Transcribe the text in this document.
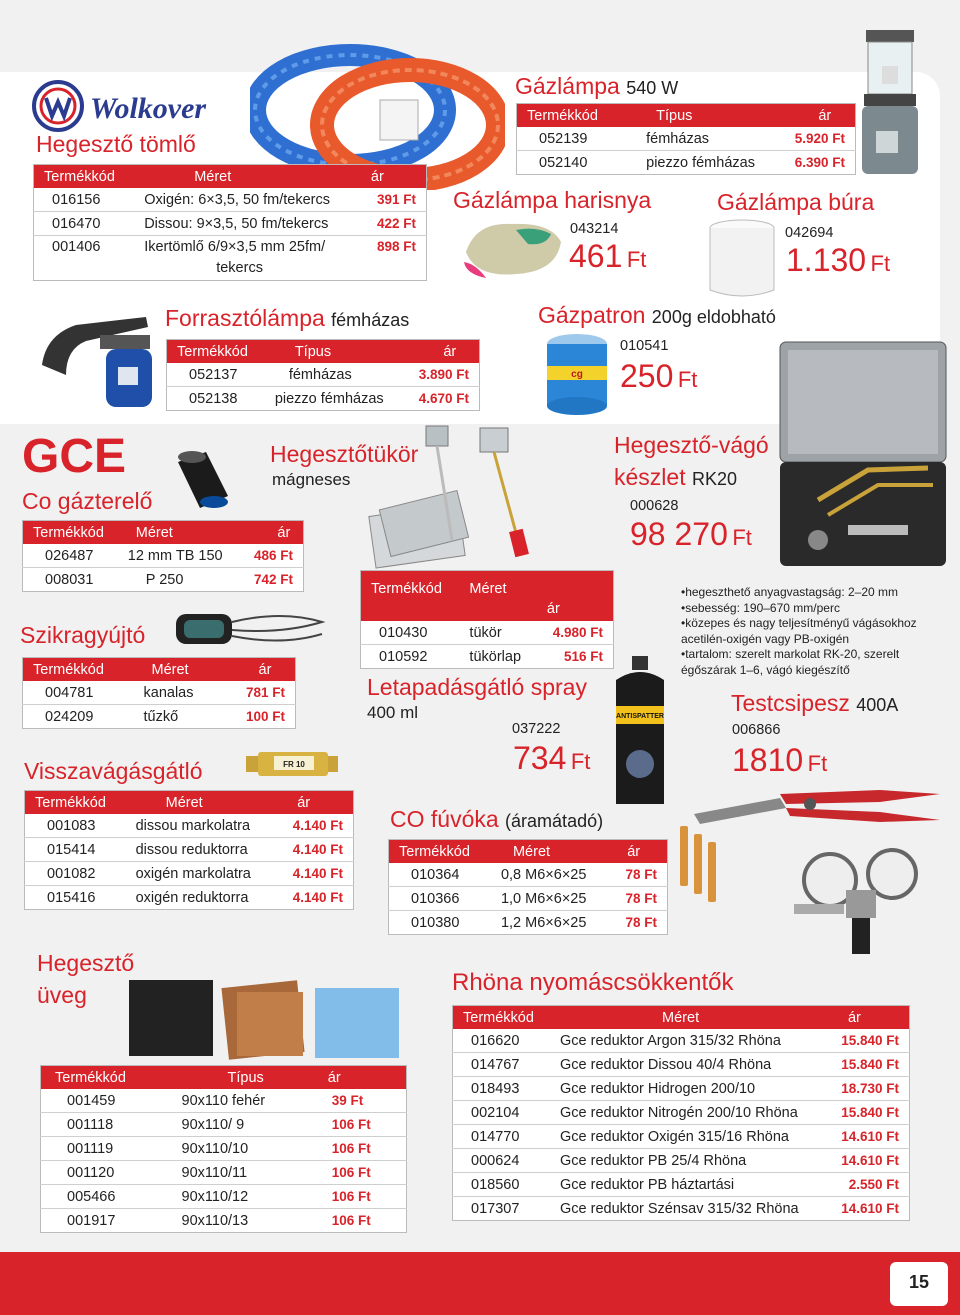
Wolkover
Hegesztő tömlő
Termékkód	Méret	ár
016156	Oxigén: 6×3,5, 50 fm/tekercs	391 Ft
016470	Dissou: 9×3,5, 50 fm/tekercs	422 Ft
001406	Ikertömlő 6/9×3,5 mm 25fm/
tekercs	898 Ft
Gázlámpa 540 W
Termékkód	Típus	ár
052139	fémházas	5.920 Ft
052140	piezzo fémházas	6.390 Ft
Gázlámpa harisnya
043214
461 Ft
Gázlámpa búra
042694
1.130 Ft
Forrasztólámpa fémházas
Termékkód	Típus	ár
052137	fémházas	3.890 Ft
052138	piezzo fémházas	4.670 Ft
Gázpatron 200g eldobható
cg
010541
250 Ft
GCE
Co gázterelő
Termékkód	Méret	ár
026487	12 mm TB 150	486 Ft
008031	P 250	742 Ft
Hegesztőtükör
mágneses
Termékkód	Méret	ár
010430	tükör	4.980 Ft
010592	tükörlap	516 Ft
Hegesztő-vágó
készlet RK20
000628
98 270 Ft
•hegeszthető anyagvastagság: 2–20 mm
•sebesség: 190–670 mm/perc
•közepes és nagy teljesítményű vágásokhoz
acetilén-oxigén vagy PB-oxigén
•tartalom: szerelt markolat RK-20, szerelt
égőszárak 1–6, vágó kiegészítő
Szikragyújtó
Termékkód	Méret	ár
004781	kanalas	781 Ft
024209	tűzkő	100 Ft
Letapadásgátló spray
400 ml
037222
734 Ft
ANTISPATTER
Testcsipesz 400A
006866
1810 Ft
Visszavágásgátló	FR 10
Termékkód	Méret	ár
001083	dissou markolatra	4.140 Ft
015414	dissou reduktorra	4.140 Ft
001082	oxigén markolatra	4.140 Ft
015416	oxigén reduktorra	4.140 Ft
CO fúvóka (áramátadó)
Termékkód	Méret	ár
010364	0,8 M6×6×25	78 Ft
010366	1,0 M6×6×25	78 Ft
010380	1,2 M6×6×25	78 Ft
Hegesztő
üveg
Termékkód	Típus	ár
001459	90x110 fehér	39 Ft
001118	90x110/ 9	106 Ft
001119	90x110/10	106 Ft
001120	90x110/11	106 Ft
005466	90x110/12	106 Ft
001917	90x110/13	106 Ft
Rhöna nyomáscsökkentők
Termékkód	Méret	ár
016620	Gce reduktor Argon 315/32 Rhöna	15.840 Ft
014767	Gce reduktor Dissou 40/4 Rhöna	15.840 Ft
018493	Gce reduktor Hidrogen 200/10	18.730 Ft
002104	Gce reduktor Nitrogén 200/10 Rhöna	15.840 Ft
014770	Gce reduktor Oxigén 315/16 Rhöna	14.610 Ft
000624	Gce reduktor PB 25/4 Rhöna	14.610 Ft
018560	Gce reduktor PB háztartási	2.550 Ft
017307	Gce reduktor Szénsav 315/32 Rhöna	14.610 Ft
15
